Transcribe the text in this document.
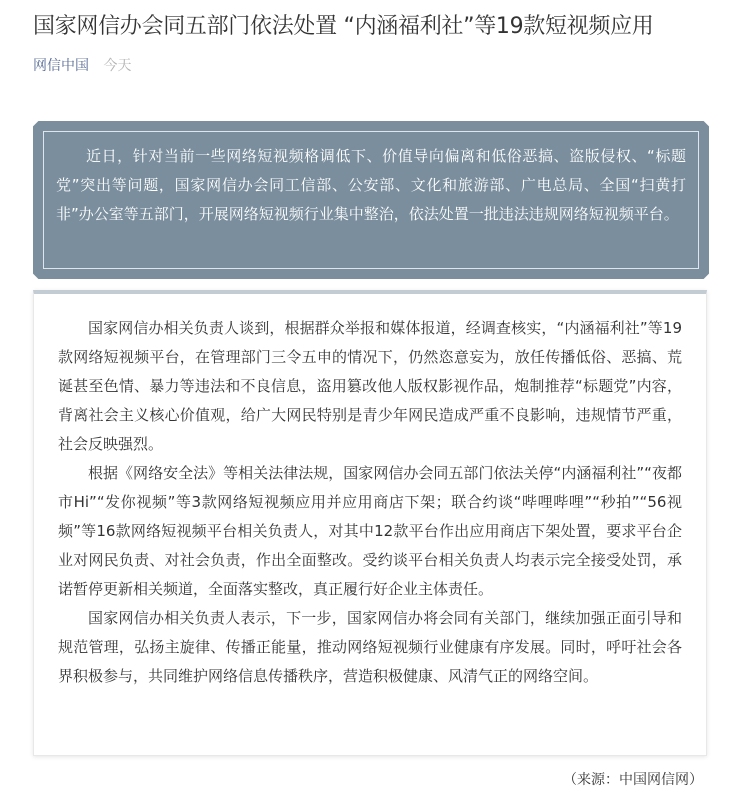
国家网信办会同五部门依法处置 “内涵福利社”等19款短视频应用
网信中国 今天

近日，针对当前一些网络短视频格调低下、价值导向偏离和低俗恶搞、盗版侵权、“标题党”突出等问题，国家网信办会同工信部、公安部、文化和旅游部、广电总局、全国“扫黄打非”办公室等五部门，开展网络短视频行业集中整治，依法处置一批违法违规网络短视频平台。

国家网信办相关负责人谈到，根据群众举报和媒体报道，经调查核实，“内涵福利社”等19款网络短视频平台，在管理部门三令五申的情况下，仍然恣意妄为，放任传播低俗、恶搞、荒诞甚至色情、暴力等违法和不良信息，盗用篡改他人版权影视作品，炮制推荐“标题党”内容，背离社会主义核心价值观，给广大网民特别是青少年网民造成严重不良影响，违规情节严重，社会反映强烈。

根据《网络安全法》等相关法律法规，国家网信办会同五部门依法关停“内涵福利社”“夜都市Hi”“发你视频”等3款网络短视频应用并应用商店下架；联合约谈“哔哩哔哩”“秒拍”“56视频”等16款网络短视频平台相关负责人，对其中12款平台作出应用商店下架处置，要求平台企业对网民负责、对社会负责，作出全面整改。受约谈平台相关负责人均表示完全接受处罚，承诺暂停更新相关频道，全面落实整改，真正履行好企业主体责任。

国家网信办相关负责人表示，下一步，国家网信办将会同有关部门，继续加强正面引导和规范管理，弘扬主旋律、传播正能量，推动网络短视频行业健康有序发展。同时，呼吁社会各界积极参与，共同维护网络信息传播秩序，营造积极健康、风清气正的网络空间。

（来源：中国网信网）
